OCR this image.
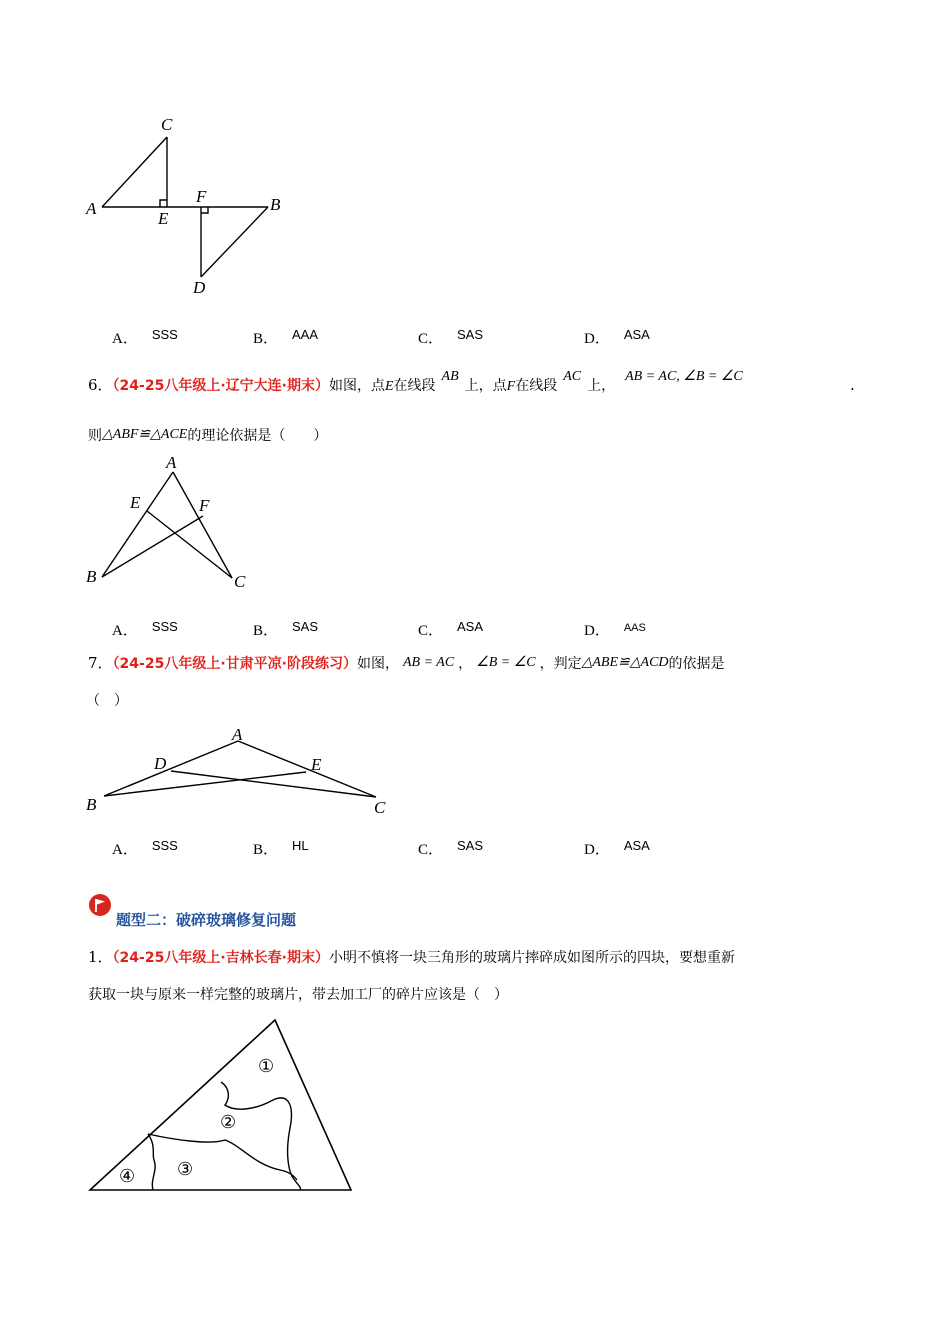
C
A
E
F	B
D
A． SSS	B． AAA	C． SAS	D． ASA
6．（24-25八年级上·辽宁大连·期末）如图，点E在线段AB上，点F在线段AC上，AB = AC, ∠B = ∠C	.
则△ABF≌△ACE的理论依据是（　　）
A
E	F
B	C
A． SSS	B． SAS	C． ASA	D． $^{AAS}$
7．（24-25八年级上·甘肃平凉·阶段练习）如图， AB = AC ， ∠B = ∠C ，判定△ABE≌△ACD的依据是
（　）
A
D	E
B	C
A． SSS	B． HL	C． SAS	D． ASA
题型二：破碎玻璃修复问题
1．（24-25八年级上·吉林长春·期末）小明不慎将一块三角形的玻璃片摔碎成如图所示的四块，要想重新
获取一块与原来一样完整的玻璃片，带去加工厂的碎片应该是（　）
①
②
③
④
